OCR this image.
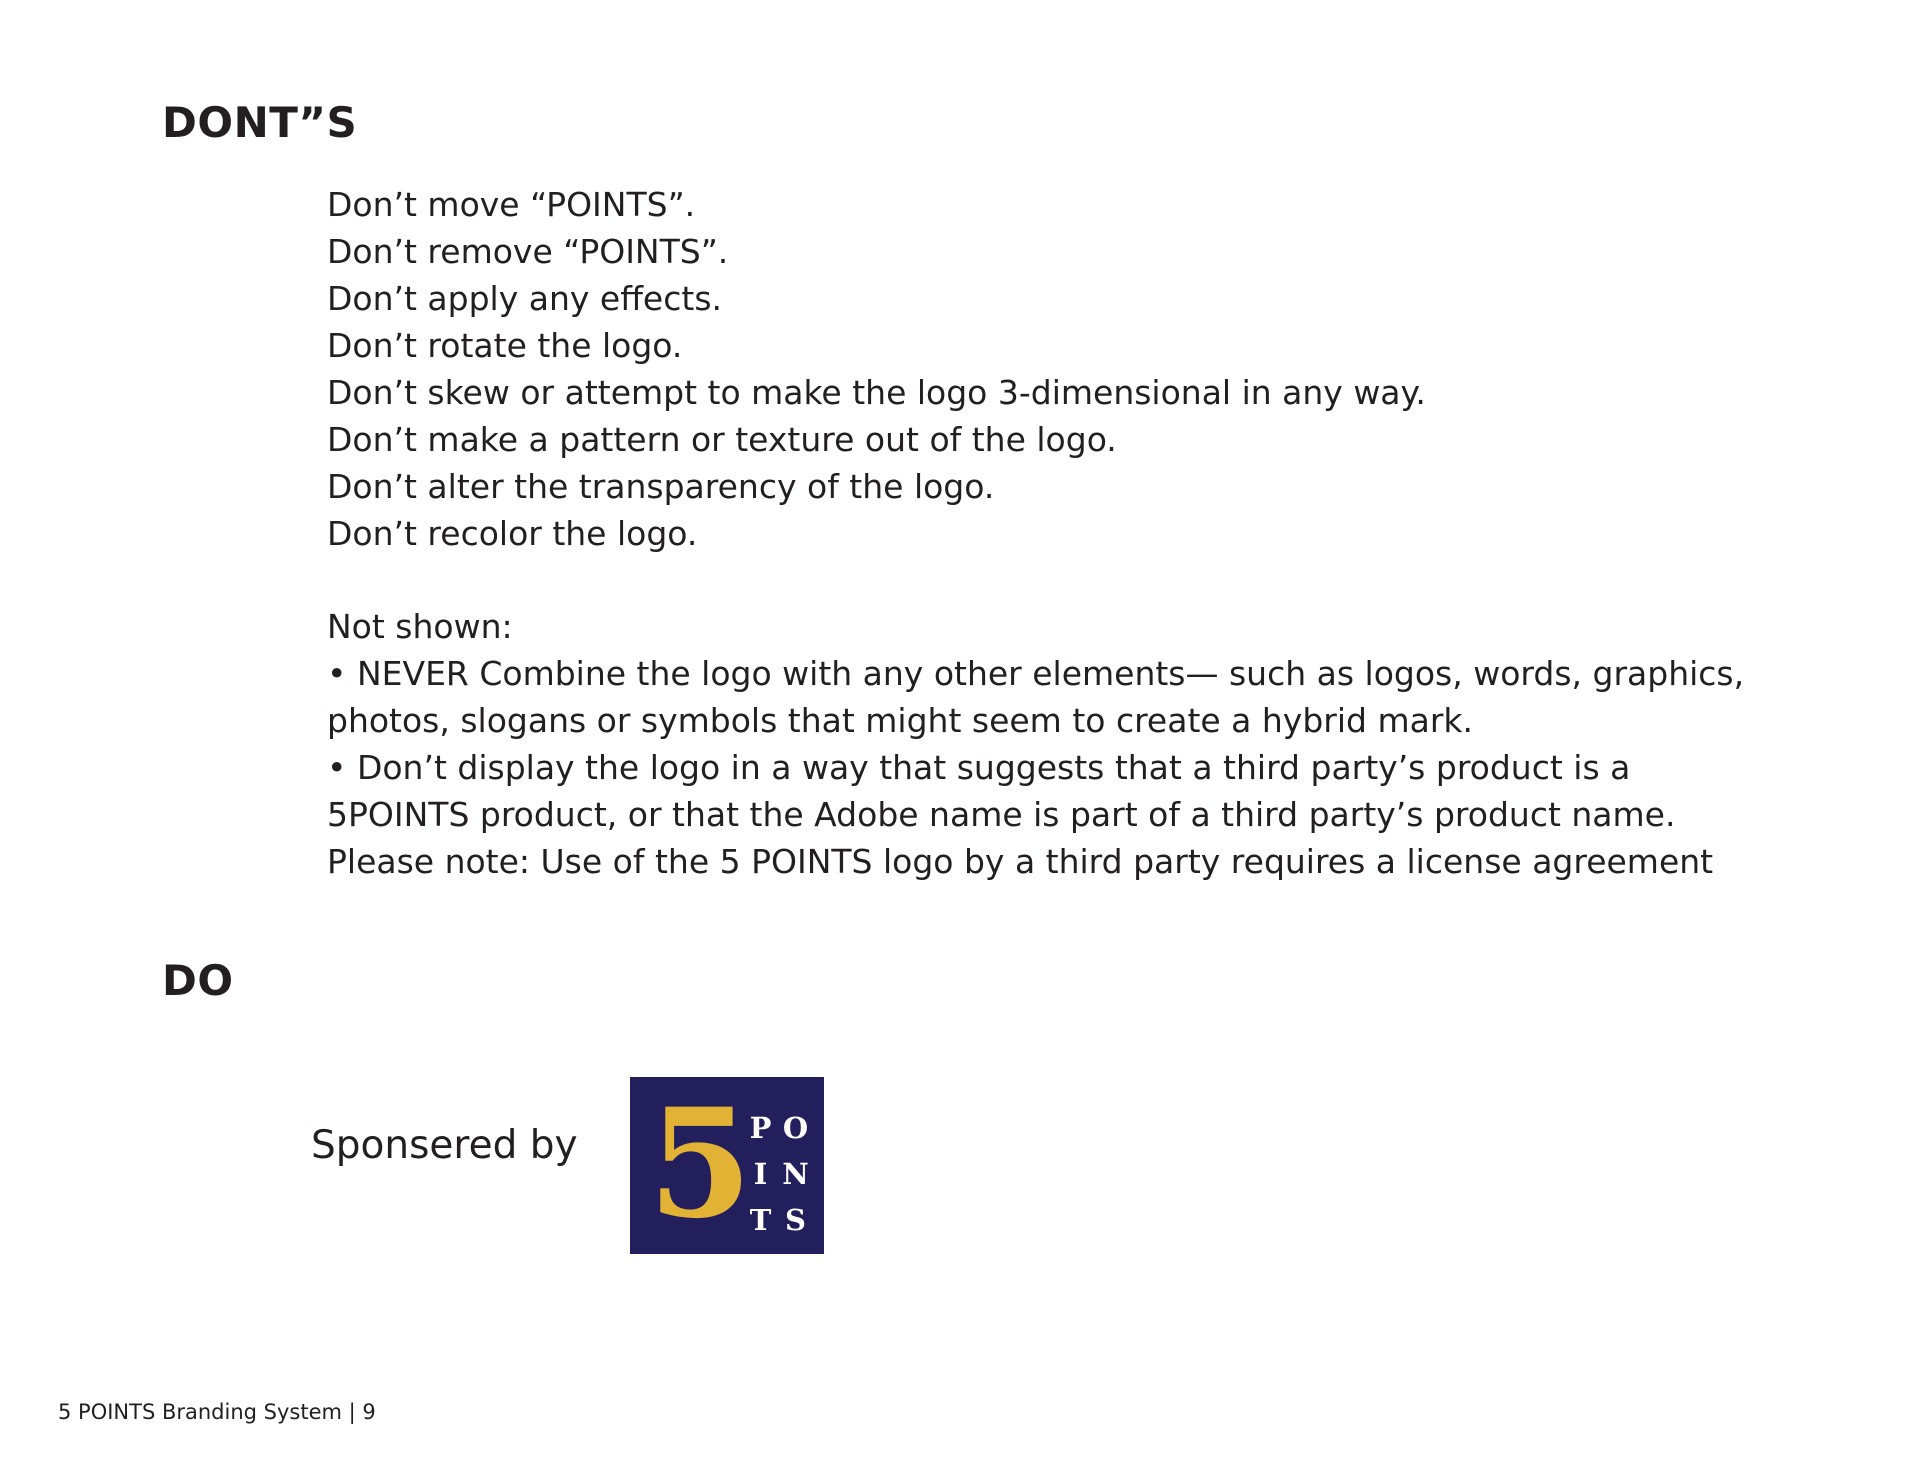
DONT”S
Don’t move “POINTS”.
Don’t remove “POINTS”.
Don’t apply any effects.
Don’t rotate the logo.
Don’t skew or attempt to make the logo 3-dimensional in any way.
Don’t make a pattern or texture out of the logo.
Don’t alter the transparency of the logo.
Don’t recolor the logo.

Not shown:

• NEVER Combine the logo with any other elements— such as logos, words, graphics, photos, slogans or symbols that might seem to create a hybrid mark.

• Don’t display the logo in a way that suggests that a third party’s product is a 5POINTS product, or that the Adobe name is part of a third party’s product name. Please note: Use of the 5 POINTS logo by a third party requires a license agreement

DO
Sponsered by 5
P O
I N
T S
5 POINTS Branding System | 9
